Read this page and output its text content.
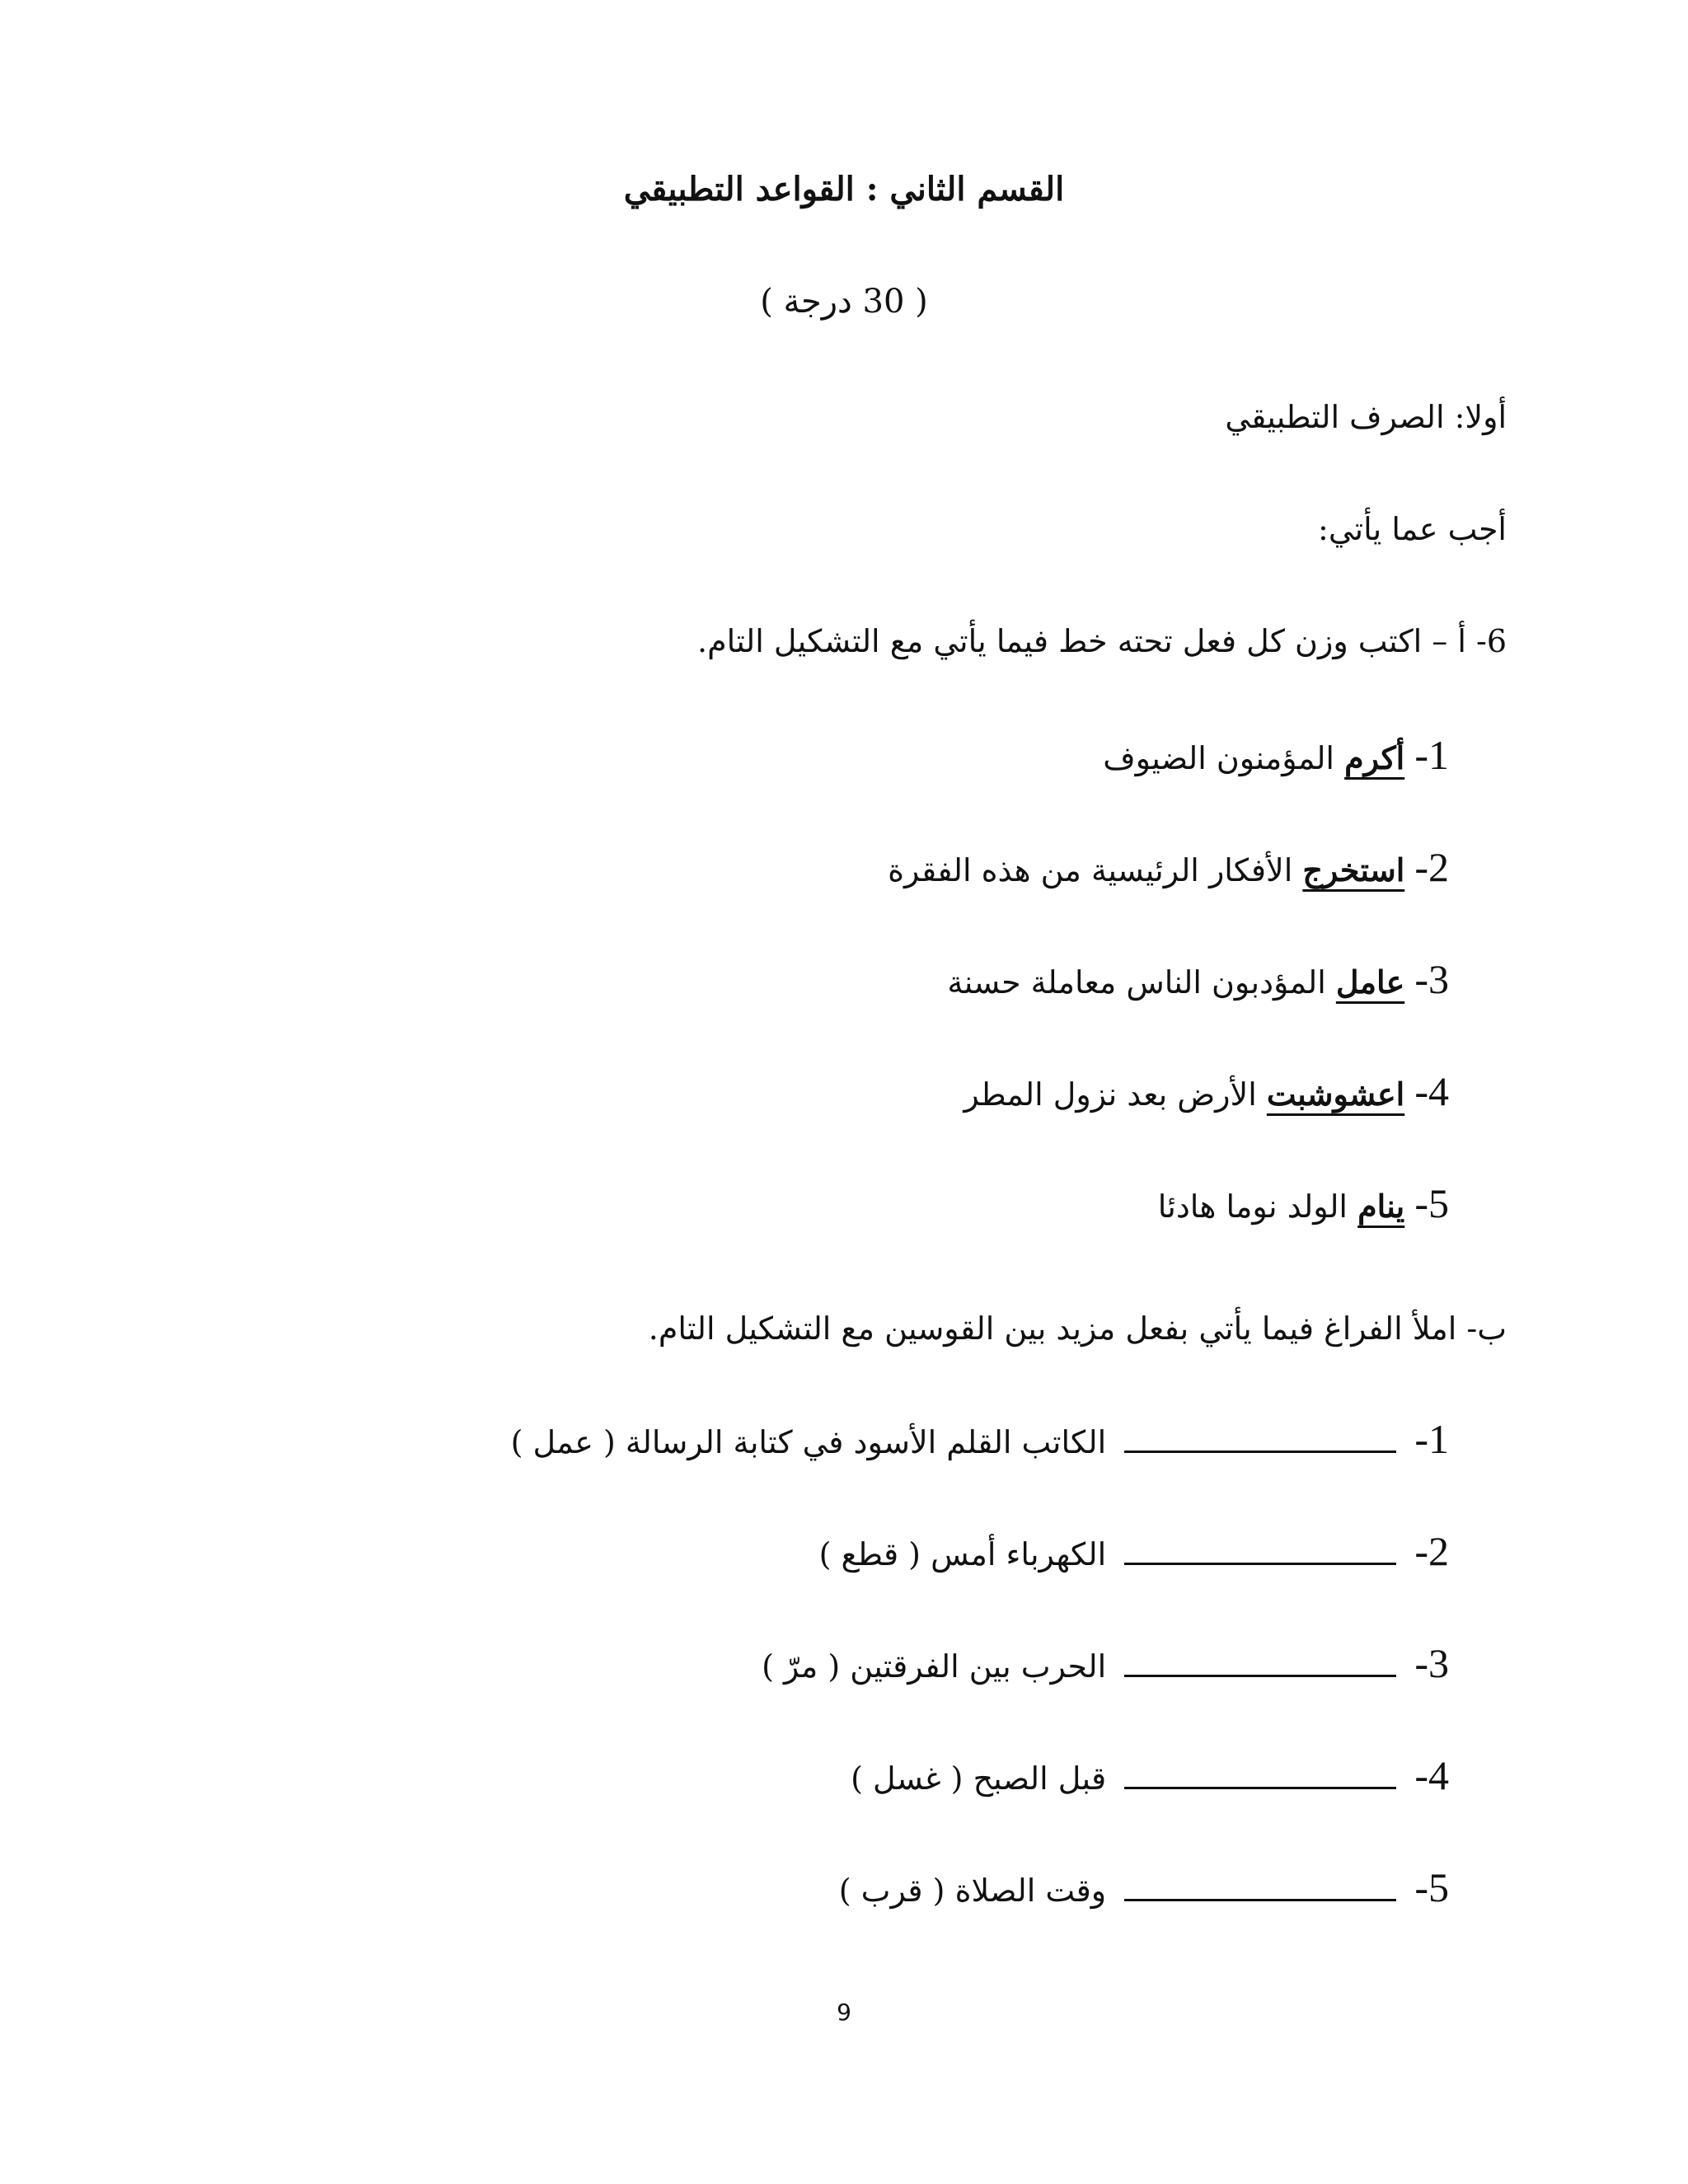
القسم الثاني : القواعد التطبيقي
( 30 درجة )
أولا: الصرف التطبيقي
أجب عما يأتي:
6- أ – اكتب وزن كل فعل تحته خط فيما يأتي مع التشكيل التام.
1- أكرم المؤمنون الضيوف
2- استخرج الأفكار الرئيسية من هذه الفقرة
3- عامل المؤدبون الناس معاملة حسنة
4- اعشوشبت الأرض بعد نزول المطر
5- ينام الولد نوما هادئا
ب- املأ الفراغ فيما يأتي بفعل مزيد بين القوسين مع التشكيل التام.
1-  الكاتب القلم الأسود في كتابة الرسالة ( عمل )
2-  الكهرباء أمس ( قطع )
3-  الحرب بين الفرقتين ( مرّ )
4-  قبل الصبح ( غسل )
5-  وقت الصلاة ( قرب )
9
